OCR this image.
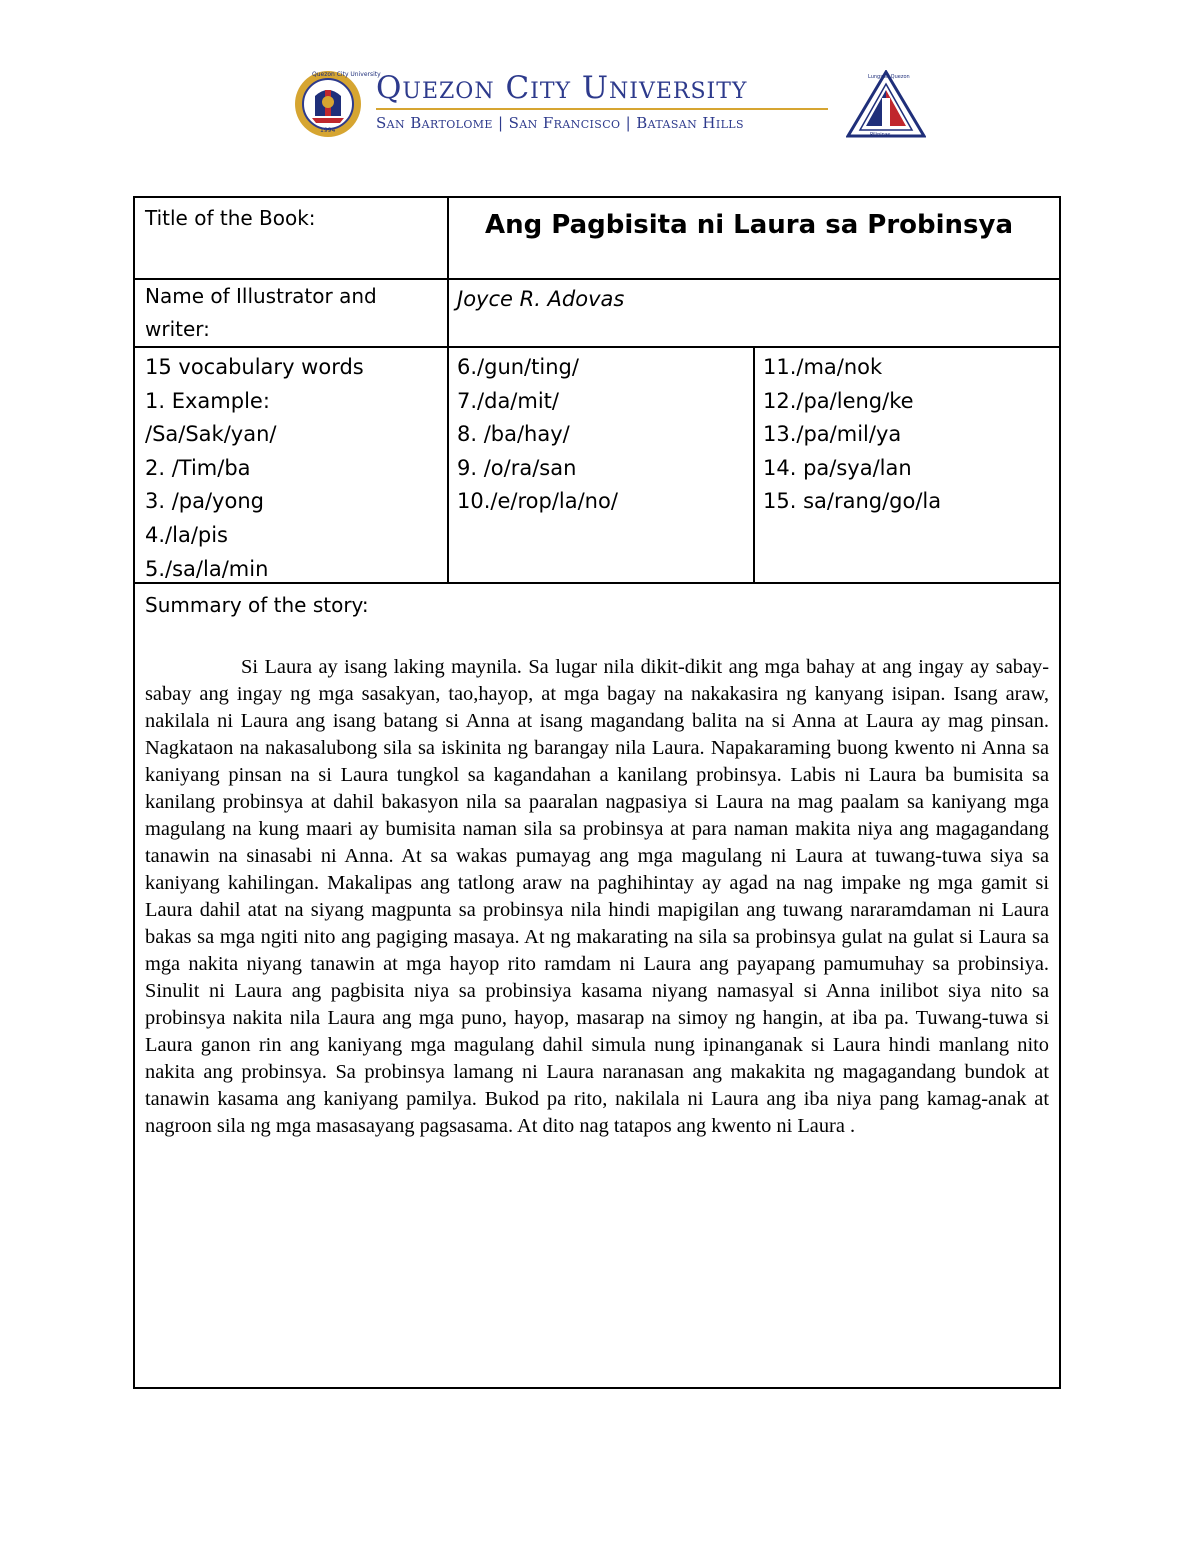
Quezon City University
1994
Quezon City University
San Bartolome | San Francisco | Batasan Hills
Lungsod Quezon
Pilipinas
Title of the Book:	Ang Pagbisita ni Laura sa Probinsya
Name of Illustrator and
writer:
Joyce R. Adovas
15 vocabulary words
1. Example:
/Sa/Sak/yan/
2. /Tim/ba
3. /pa/yong
4./la/pis
5./sa/la/min
6./gun/ting/
7./da/mit/
8. /ba/hay/
9. /o/ra/san
10./e/rop/la/no/
11./ma/nok
12./pa/leng/ke
13./pa/mil/ya
14. pa/sya/lan
15. sa/rang/go/la
Summary of the story:

Si Laura ay isang laking maynila. Sa lugar nila dikit-dikit ang mga bahay at ang ingay ay sabay-sabay ang ingay ng mga sasakyan, tao,hayop, at mga bagay na nakakasira ng kanyang isipan. Isang araw, nakilala ni Laura ang isang batang si Anna at isang magandang balita na si Anna at Laura ay mag pinsan. Nagkataon na nakasalubong sila sa iskinita ng barangay nila Laura. Napakaraming buong kwento ni Anna sa kaniyang pinsan na si Laura tungkol sa kagandahan a kanilang probinsya. Labis ni Laura ba bumisita sa kanilang probinsya at dahil bakasyon nila sa paaralan nagpasiya si Laura na mag paalam sa kaniyang mga magulang na kung maari ay bumisita naman sila sa probinsya at para naman makita niya ang magagandang tanawin na sinasabi ni Anna. At sa wakas pumayag ang mga magulang ni Laura at tuwang-tuwa siya sa kaniyang kahilingan. Makalipas ang tatlong araw na paghihintay ay agad na nag impake ng mga gamit si Laura dahil atat na siyang magpunta sa probinsya nila hindi mapigilan ang tuwang nararamdaman ni Laura bakas sa mga ngiti nito ang pagiging masaya. At ng makarating na sila sa probinsya gulat na gulat si Laura sa mga nakita niyang tanawin at mga hayop rito ramdam ni Laura ang payapang pamumuhay sa probinsiya. Sinulit ni Laura ang pagbisita niya sa probinsiya kasama niyang namasyal si Anna inilibot siya nito sa probinsya nakita nila Laura ang mga puno, hayop, masarap na simoy ng hangin, at iba pa. Tuwang-tuwa si Laura ganon rin ang kaniyang mga magulang dahil simula nung ipinanganak si Laura hindi manlang nito nakita ang probinsya. Sa probinsya lamang ni Laura naranasan ang makakita ng magagandang bundok at tanawin kasama ang kaniyang pamilya. Bukod pa rito, nakilala ni Laura ang iba niya pang kamag-anak at nagroon sila ng mga masasayang pagsasama. At dito nag tatapos ang kwento ni Laura .
